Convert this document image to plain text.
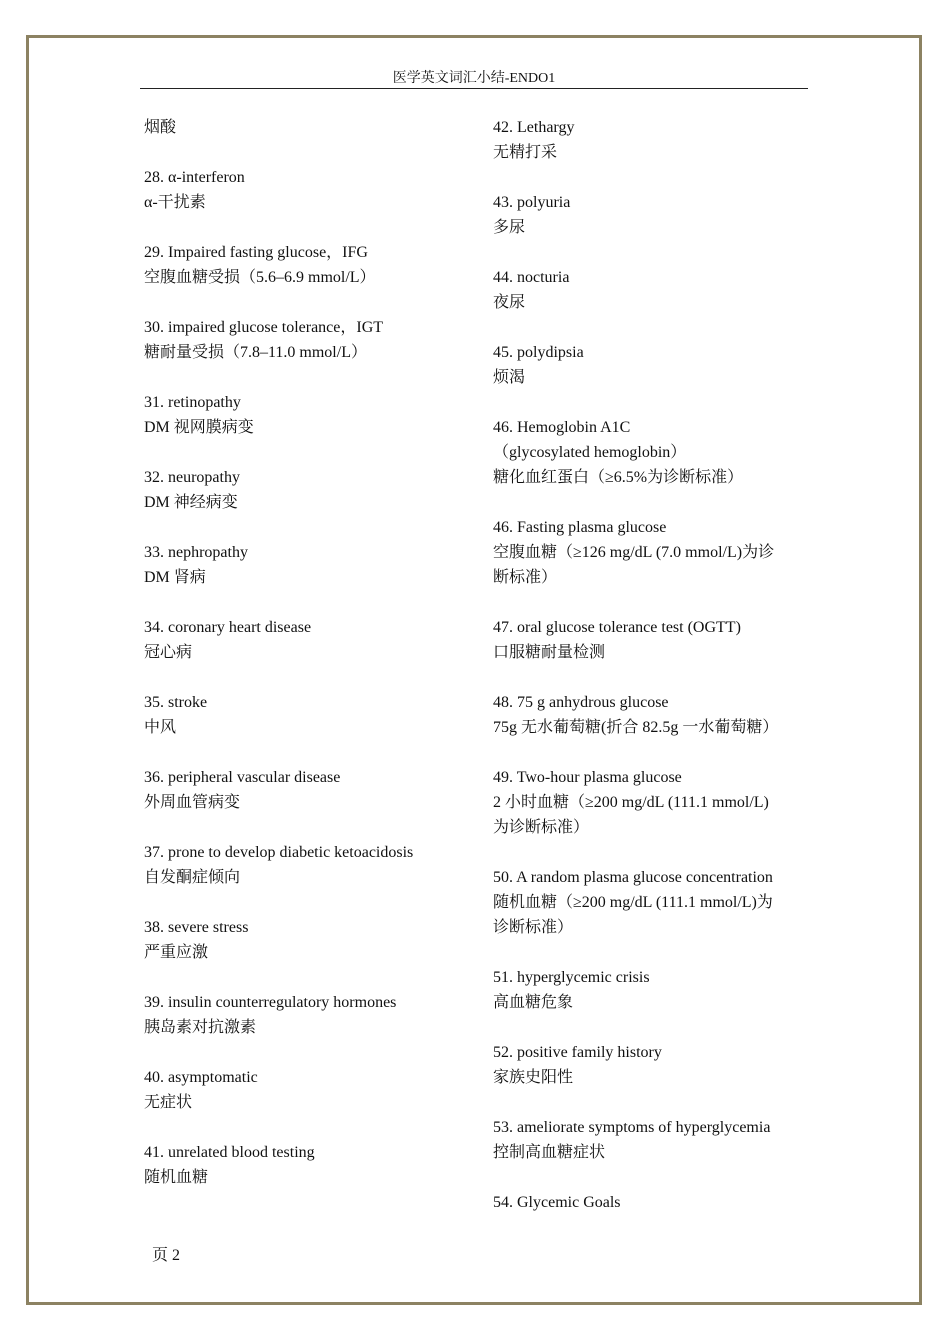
医学英文词汇小结-ENDO1

烟酸

28. α-interferon

α-干扰素

29. Impaired fasting glucose，IFG

空腹血糖受损（5.6–6.9 mmol/L）

30. impaired glucose tolerance，IGT

糖耐量受损（7.8–11.0 mmol/L）

31. retinopathy

DM 视网膜病变

32. neuropathy

DM 神经病变

33. nephropathy

DM 肾病

34. coronary heart disease

冠心病

35. stroke

中风

36. peripheral vascular disease

外周血管病变

37. prone to develop diabetic ketoacidosis

自发酮症倾向

38. severe stress

严重应激

39. insulin counterregulatory hormones

胰岛素对抗激素

40. asymptomatic

无症状

41. unrelated blood testing

随机血糖

42. Lethargy

无精打采

43. polyuria

多尿

44. nocturia

夜尿

45. polydipsia

烦渴

46. Hemoglobin A1C

（glycosylated hemoglobin）

糖化血红蛋白（≥6.5%为诊断标准）

46. Fasting plasma glucose

空腹血糖（≥126 mg/dL (7.0 mmol/L)为诊

断标准）

47. oral glucose tolerance test (OGTT)

口服糖耐量检测

48. 75 g anhydrous glucose

75g 无水葡萄糖(折合 82.5g 一水葡萄糖）

49. Two-hour plasma glucose

2 小时血糖（≥200 mg/dL (111.1 mmol/L)

为诊断标准）

50. A random plasma glucose concentration

随机血糖（≥200 mg/dL (111.1 mmol/L)为

诊断标准）

51. hyperglycemic crisis

高血糖危象

52. positive family history

家族史阳性

53. ameliorate symptoms of hyperglycemia

控制高血糖症状

54. Glycemic Goals

页 2
